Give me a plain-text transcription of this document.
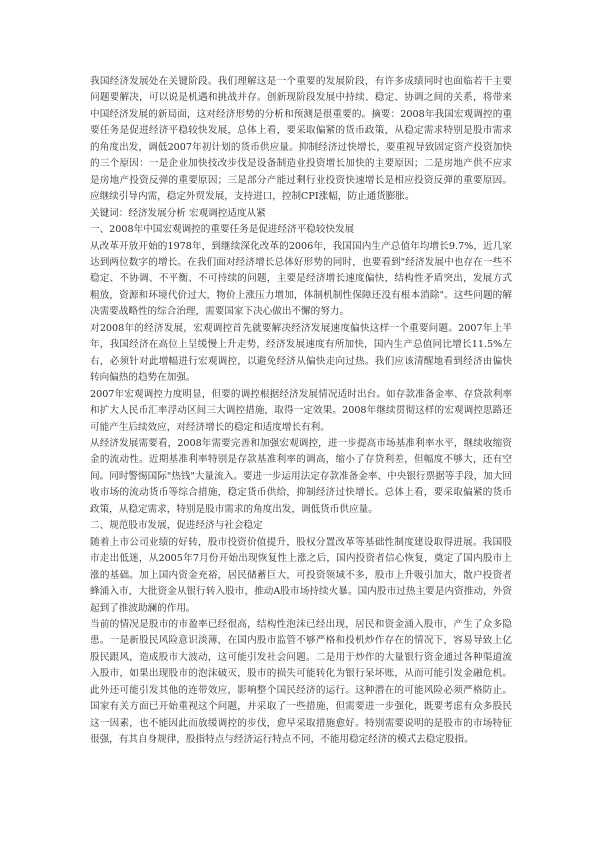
我国经济发展处在关键阶段。我们理解这是一个重要的发展阶段，有许多成绩同时也面临若干主要问题要解决，可以说是机遇和挑战并存。创新现阶段发展中持续、稳定、协调之间的关系，将带来中国经济发展的新局面，这对经济形势的分析和预测是很重要的。摘要：2008年我国宏观调控的重要任务是促进经济平稳较快发展，总体上看，要采取偏紧的货币政策，从稳定需求特别是股市需求的角度出发，调低2007年初计划的货币供应量。抑制经济过快增长，要重视导致固定资产投资加快的三个原因：一是企业加快技改步伐是设备制造业投资增长加快的主要原因；二是房地产供不应求是房地产投资反弹的重要原因；三是部分产能过剩行业投资快速增长是相应投资反弹的重要原因。应继续引导内需，稳定外贸发展，支持进口，控制CPI涨幅，防止通货膨胀。

关键词：经济发展分析 宏观调控适度从紧

一、2008年中国宏观调控的重要任务是促进经济平稳较快发展

从改革开放开始的1978年，到继续深化改革的2006年，我国国内生产总值年均增长9.7%，近几家达到两位数字的增长。在我们面对经济增长总体好形势的同时，也要看到"经济发展中也存在一些不稳定、不协调、不平衡、不可持续的问题，主要是经济增长速度偏快，结构性矛盾突出，发展方式粗放，资源和环境代价过大，物价上涨压力增加，体制机制性保障还没有根本消除"。这些问题的解决需要战略性的综合治理，需要国家下决心做出不懈的努力。

对2008年的经济发展，宏观调控首先就要解决经济发展速度偏快这样一个重要问题。2007年上半年，我国经济在高位上呈缓慢上升走势，经济发展速度有所加快，国内生产总值同比增长11.5%左右，必须针对此增幅进行宏观调控，以避免经济从偏快走向过热。我们应该清醒地看到经济由偏快转向偏热的趋势在加强。

2007年宏观调控力度明显，但要的调控根据经济发展情况适时出台。如存款准备金率、存贷款利率和扩大人民币汇率浮动区间三大调控措施，取得一定效果。2008年继续贯彻这样的宏观调控思路还可能产生后续效应，对经济增长的稳定和适度增长有利。

从经济发展需要看，2008年需要完善和加强宏观调控，进一步提高市场基准利率水平，继续收缩资金的流动性。近期基准利率特别是存款基准利率的调高，缩小了存贷利差，但幅度不够大，还有空间。同时警惕国际"热钱"大量流入。要进一步运用法定存款准备金率、中央银行票据等手段，加大回收市场的流动货币等综合措施，稳定货币供给，抑制经济过快增长。总体上看，要采取偏紧的货币政策，从稳定需求，特别是股市需求的角度出发，调低货币供应量。

二、规范股市发展，促进经济与社会稳定

随着上市公司业绩的好转，股市投资价值提升，股权分置改革等基础性制度建设取得进展。我国股市走出低迷，从2005年7月份开始出现恢复性上涨之后，国内投资者信心恢复，奠定了国内股市上涨的基础。加上国内资金充裕，居民储蓄巨大，可投资领域不多，股市上升吸引加大，散户投资者蜂涌入市，大批资金从银行转入股市，推动A股市场持续火暴。国内股市过热主要是内资推动，外资起到了推波助澜的作用。

当前的情况是股市的市盈率已经很高，结构性泡沫已经出现，居民和资金涌入股市，产生了众多隐患。一是新股民风险意识淡薄，在国内股市监管不够严格和投机炒作存在的情况下，容易导致上亿股民跟风，造成股市大波动，这可能引发社会问题。二是用于炒作的大量银行资金通过各种渠道流入股市，如果出现股市的泡沫破灭，股市的损失可能转化为银行呆坏账，从而可能引发金融危机。此外还可能引发其他的连带效应，影响整个国民经济的运行。这种潜在的可能风险必须严格防止。国家有关方面已开始重视这个问题，并采取了一些措施，但需要进一步强化，既要考虑有众多股民这一因素，也不能因此而放缓调控的步伐，愈早采取措施愈好。特别需要说明的是股市的市场特征很强，有其自身规律，股指特点与经济运行特点不同，不能用稳定经济的模式去稳定股指。
